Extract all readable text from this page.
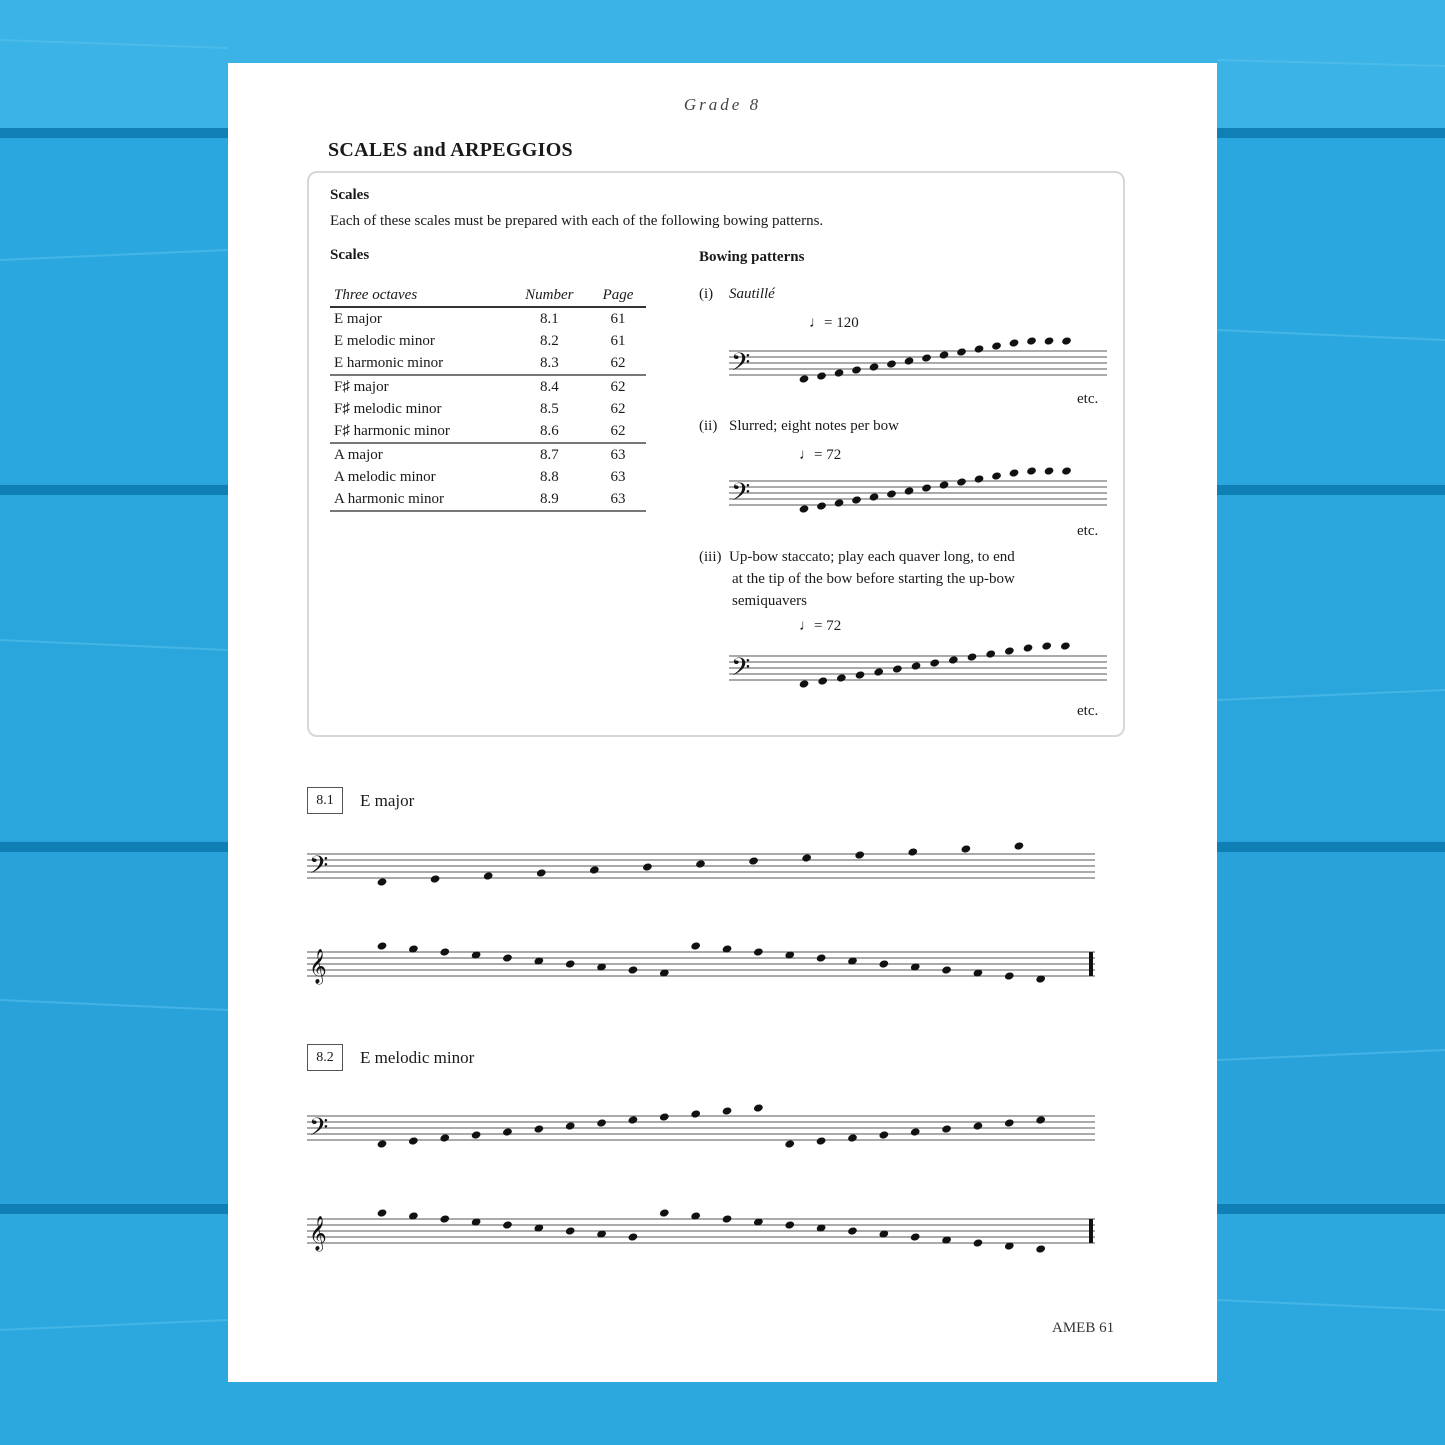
Grade 8
SCALES and ARPEGGIOS
Scales
Each of these scales must be prepared with each of the following bowing patterns.
Scales
Three octaves	Number	Page
E major	8.1	61
E melodic minor	8.2	61
E harmonic minor	8.3	62
F♯ major	8.4	62
F♯ melodic minor	8.5	62
F♯ harmonic minor	8.6	62
A major	8.7	63
A melodic minor	8.8	63
A harmonic minor	8.9	63
Bowing patterns
(i) Sautillé
♩= 120
𝄢
etc.
(ii) Slurred; eight notes per bow
♩= 72
𝄢
etc.
(iii) Up-bow staccato; play each quaver long, to end
at the tip of the bow before starting the up-bow
semiquavers
♩= 72
𝄢
etc.
8.1	E major
𝄢
𝄞
8.2	E melodic minor
𝄢
𝄞
AMEB 61
